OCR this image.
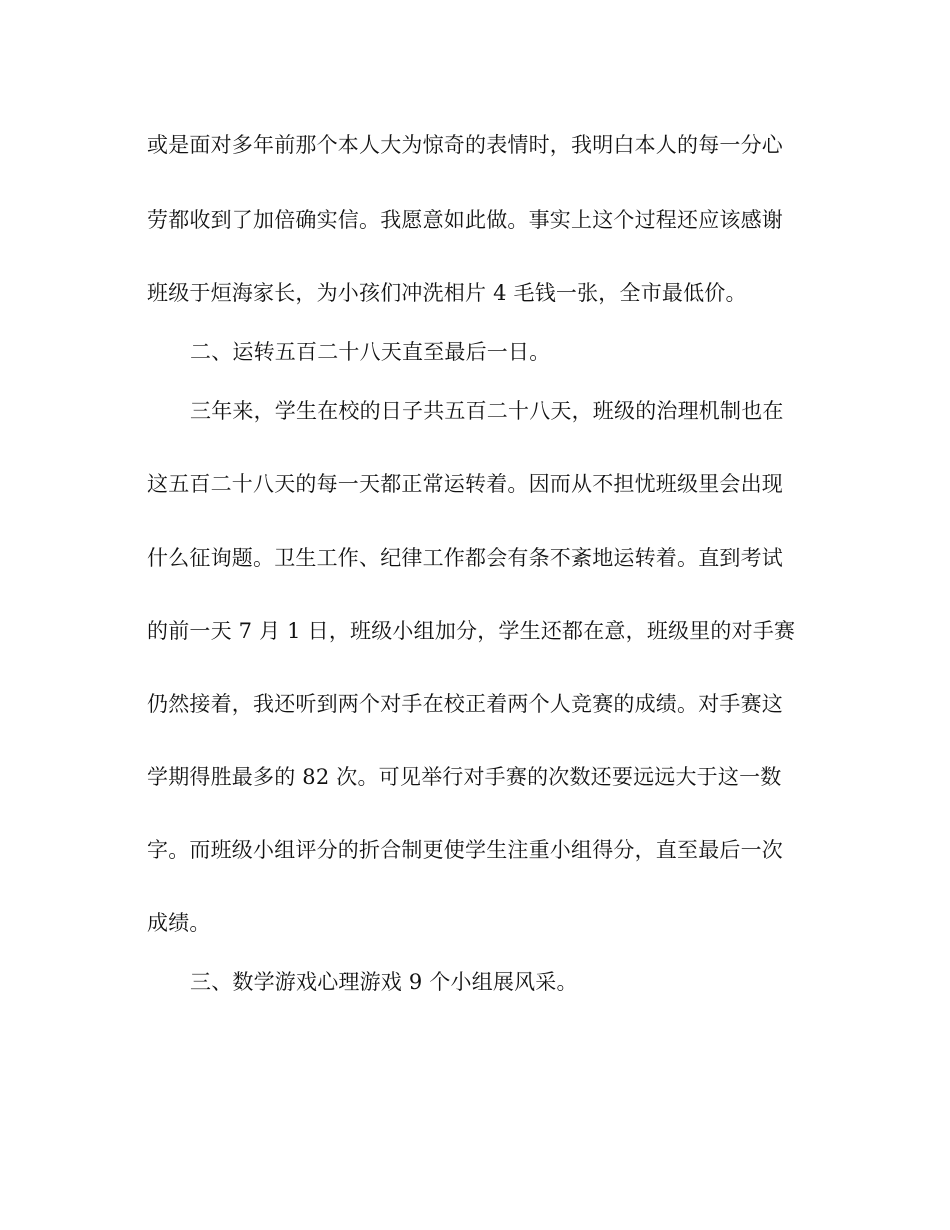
或是面对多年前那个本人大为惊奇的表情时，我明白本人的每一分心
劳都收到了加倍确实信。我愿意如此做。事实上这个过程还应该感谢
班级于烜海家长，为小孩们冲洗相片 4 毛钱一张，全市最低价。
二、运转五百二十八天直至最后一日。
三年来，学生在校的日子共五百二十八天，班级的治理机制也在
这五百二十八天的每一天都正常运转着。因而从不担忧班级里会出现
什么征询题。卫生工作、纪律工作都会有条不紊地运转着。直到考试
的前一天 7 月 1 日，班级小组加分，学生还都在意，班级里的对手赛
仍然接着，我还听到两个对手在校正着两个人竞赛的成绩。对手赛这
学期得胜最多的 82 次。可见举行对手赛的次数还要远远大于这一数
字。而班级小组评分的折合制更使学生注重小组得分，直至最后一次
成绩。
三、数学游戏心理游戏 9 个小组展风采。
